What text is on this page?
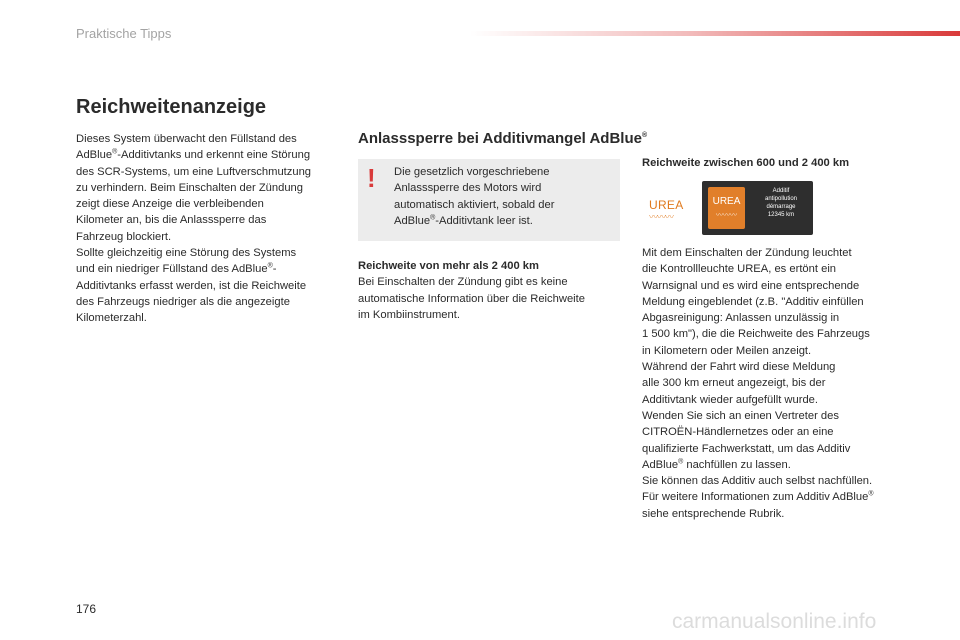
Praktische Tipps
Reichweitenanzeige
Dieses System überwacht den Füllstand des
AdBlue®-Additivtanks und erkennt eine Störung
des SCR-Systems, um eine Luftverschmutzung
zu verhindern. Beim Einschalten der Zündung
zeigt diese Anzeige die verbleibenden
Kilometer an, bis die Anlasssperre das
Fahrzeug blockiert.
Sollte gleichzeitig eine Störung des Systems
und ein niedriger Füllstand des AdBlue®-
Additivtanks erfasst werden, ist die Reichweite
des Fahrzeugs niedriger als die angezeigte
Kilometerzahl.
Anlasssperre bei Additivmangel AdBlue®
! Die gesetzlich vorgeschriebene
Anlasssperre des Motors wird
automatisch aktiviert, sobald der
AdBlue®-Additivtank leer ist.
Reichweite von mehr als 2 400 km
Bei Einschalten der Zündung gibt es keine
automatische Information über die Reichweite
im Kombiinstrument.
Reichweite zwischen 600 und 2 400 km
UREA
〰〰〰
UREA
〰〰〰
Additif
antipollution
démarrage
12345 km
Mit dem Einschalten der Zündung leuchtet
die Kontrollleuchte UREA, es ertönt ein
Warnsignal und es wird eine entsprechende
Meldung eingeblendet (z.B. "Additiv einfüllen
Abgasreinigung: Anlassen unzulässig in
1 500 km"), die die Reichweite des Fahrzeugs
in Kilometern oder Meilen anzeigt.
Während der Fahrt wird diese Meldung
alle 300 km erneut angezeigt, bis der
Additivtank wieder aufgefüllt wurde.
Wenden Sie sich an einen Vertreter des
CITROËN-Händlernetzes oder an eine
qualifizierte Fachwerkstatt, um das Additiv
AdBlue® nachfüllen zu lassen.
Sie können das Additiv auch selbst nachfüllen.
Für weitere Informationen zum Additiv AdBlue®
siehe entsprechende Rubrik.
176
carmanualsonline.info
